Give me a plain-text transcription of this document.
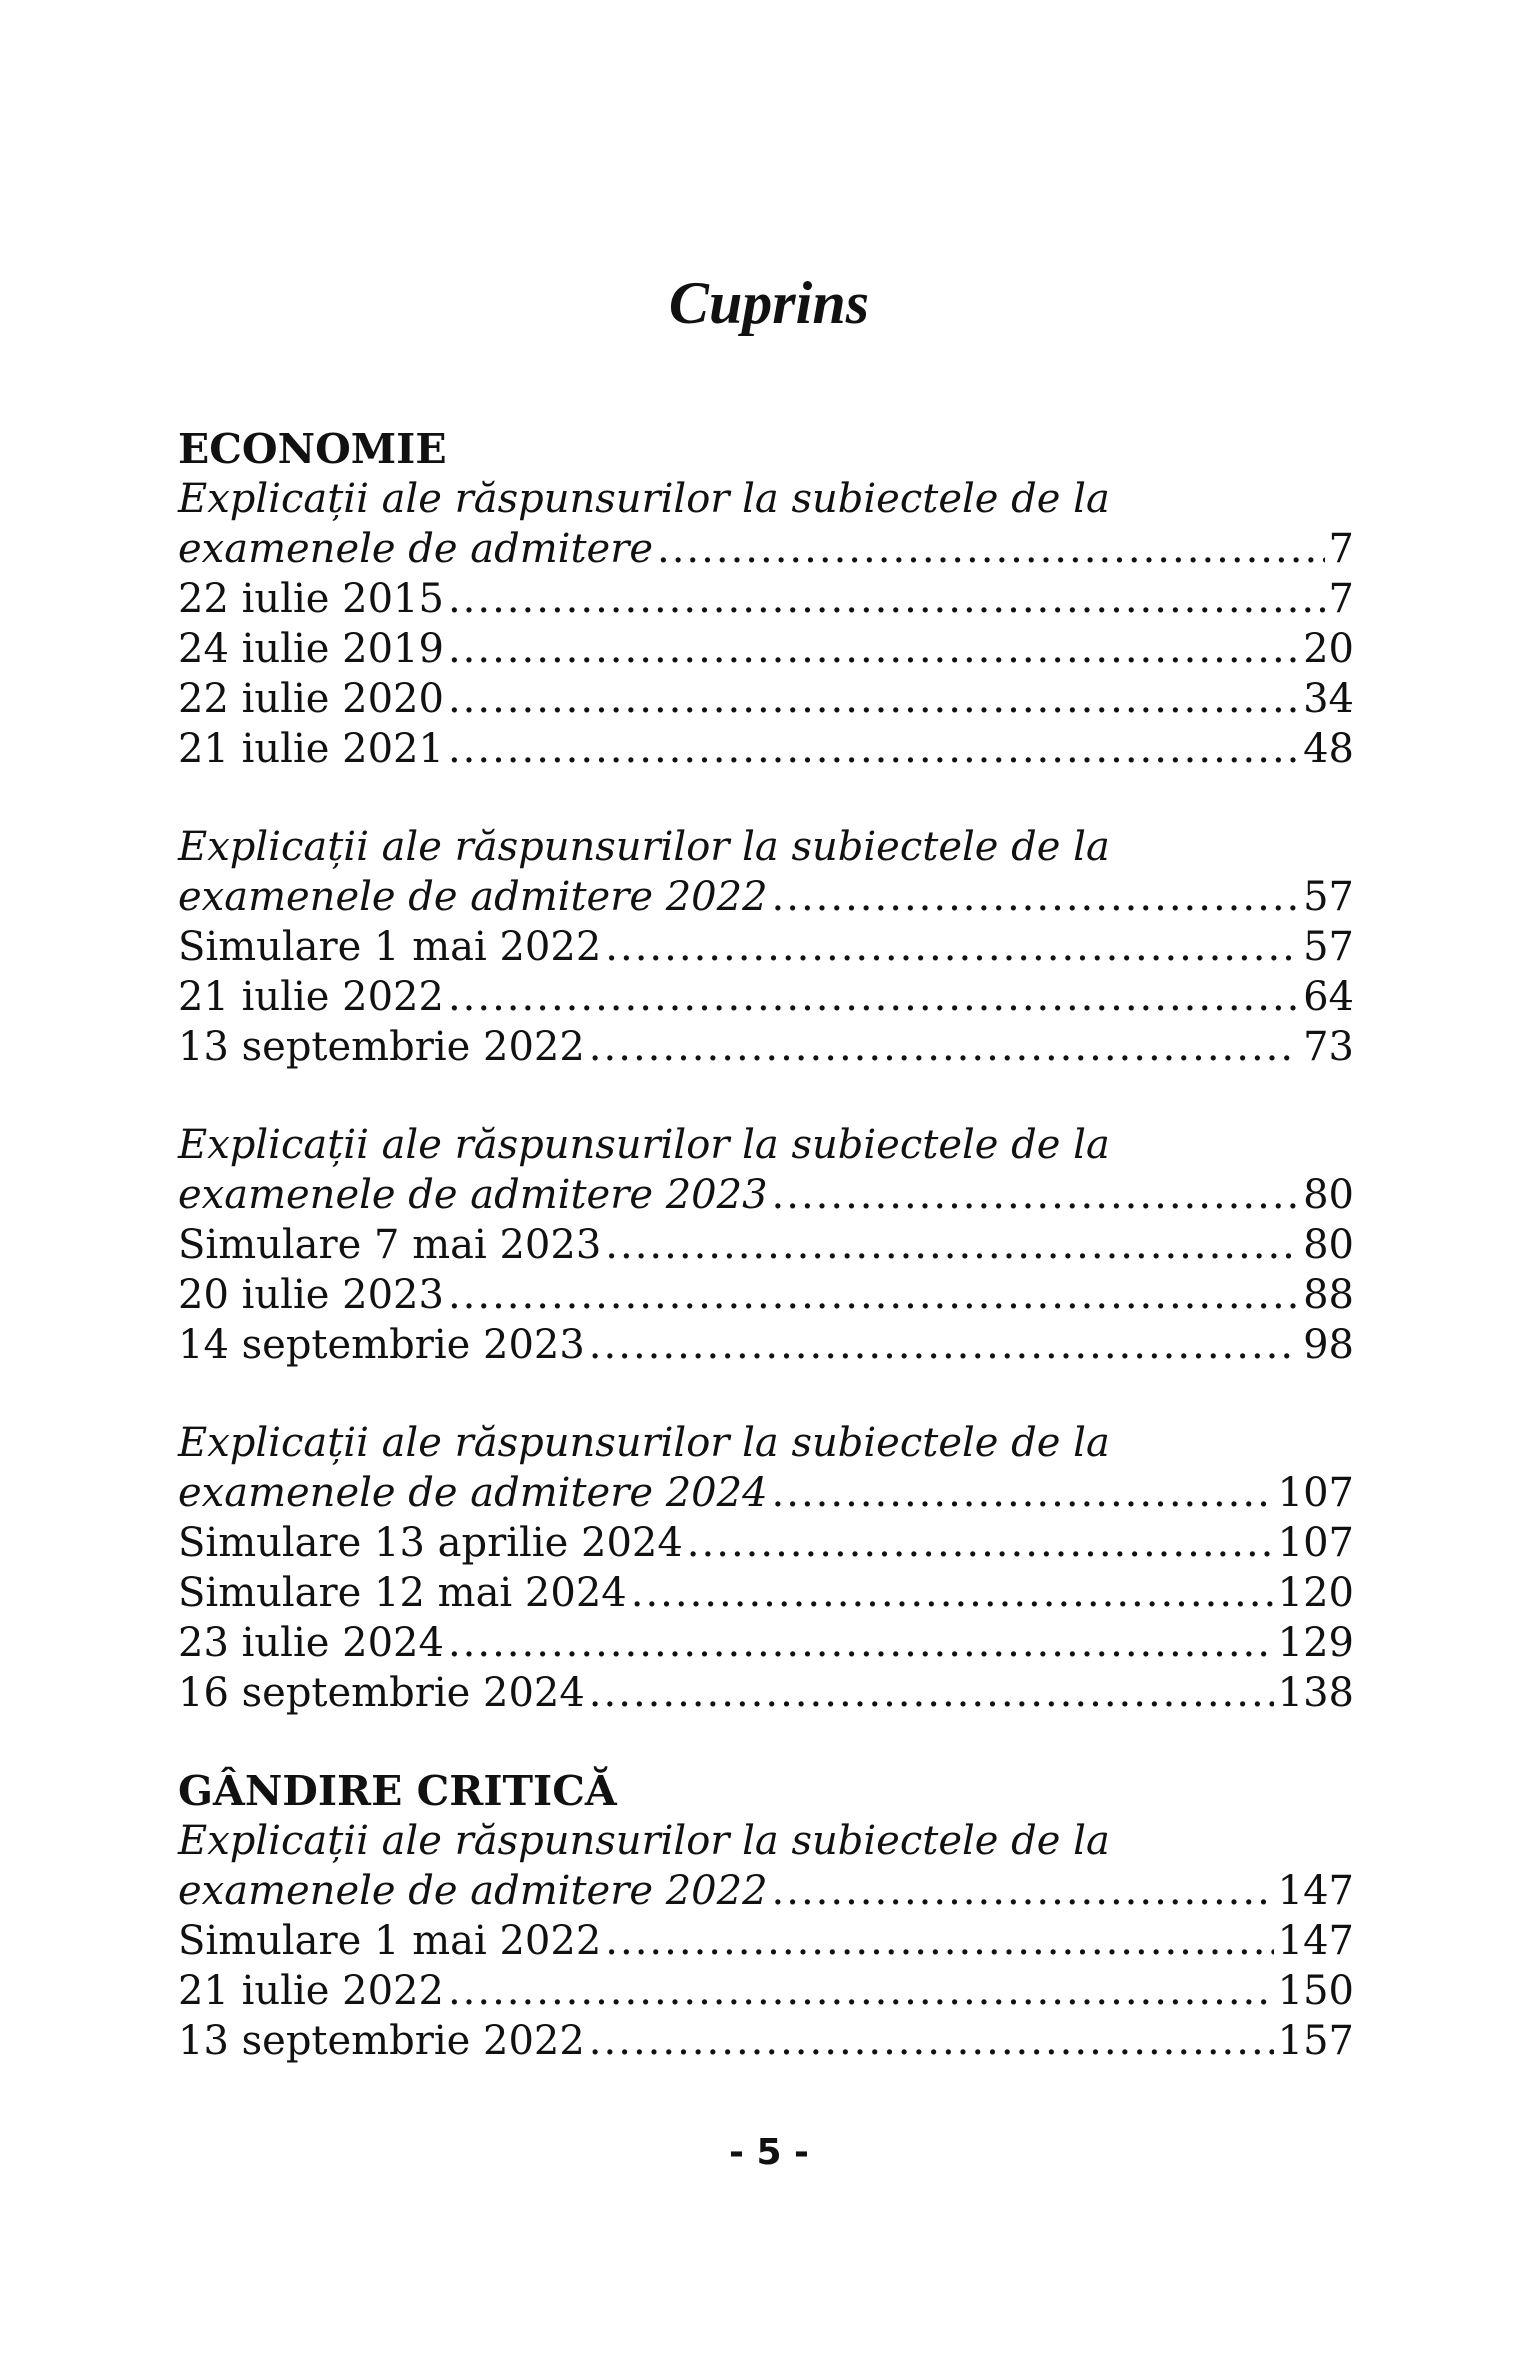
Cuprins
ECONOMIE
Explicații ale răspunsurilor la subiectele de la
examenele de admitere .....	7
22 iulie 2015 .....	7
24 iulie 2019 .....	20
22 iulie 2020 .....	34
21 iulie 2021 .....	48
Explicații ale răspunsurilor la subiectele de la
examenele de admitere 2022 .....	57
Simulare 1 mai 2022 .....	57
21 iulie 2022 .....	64
13 septembrie 2022 .....	73
Explicații ale răspunsurilor la subiectele de la
examenele de admitere 2023 .....	80
Simulare 7 mai 2023 .....	80
20 iulie 2023 .....	88
14 septembrie 2023 .....	98
Explicații ale răspunsurilor la subiectele de la
examenele de admitere 2024 .....	107
Simulare 13 aprilie 2024 .....	107
Simulare 12 mai 2024 .....	120
23 iulie 2024 .....	129
16 septembrie 2024 .....	138
GÂNDIRE CRITICĂ
Explicații ale răspunsurilor la subiectele de la
examenele de admitere 2022 .....	147
Simulare 1 mai 2022 .....	147
21 iulie 2022 .....	150
13 septembrie 2022 .....	157
- 5 -
